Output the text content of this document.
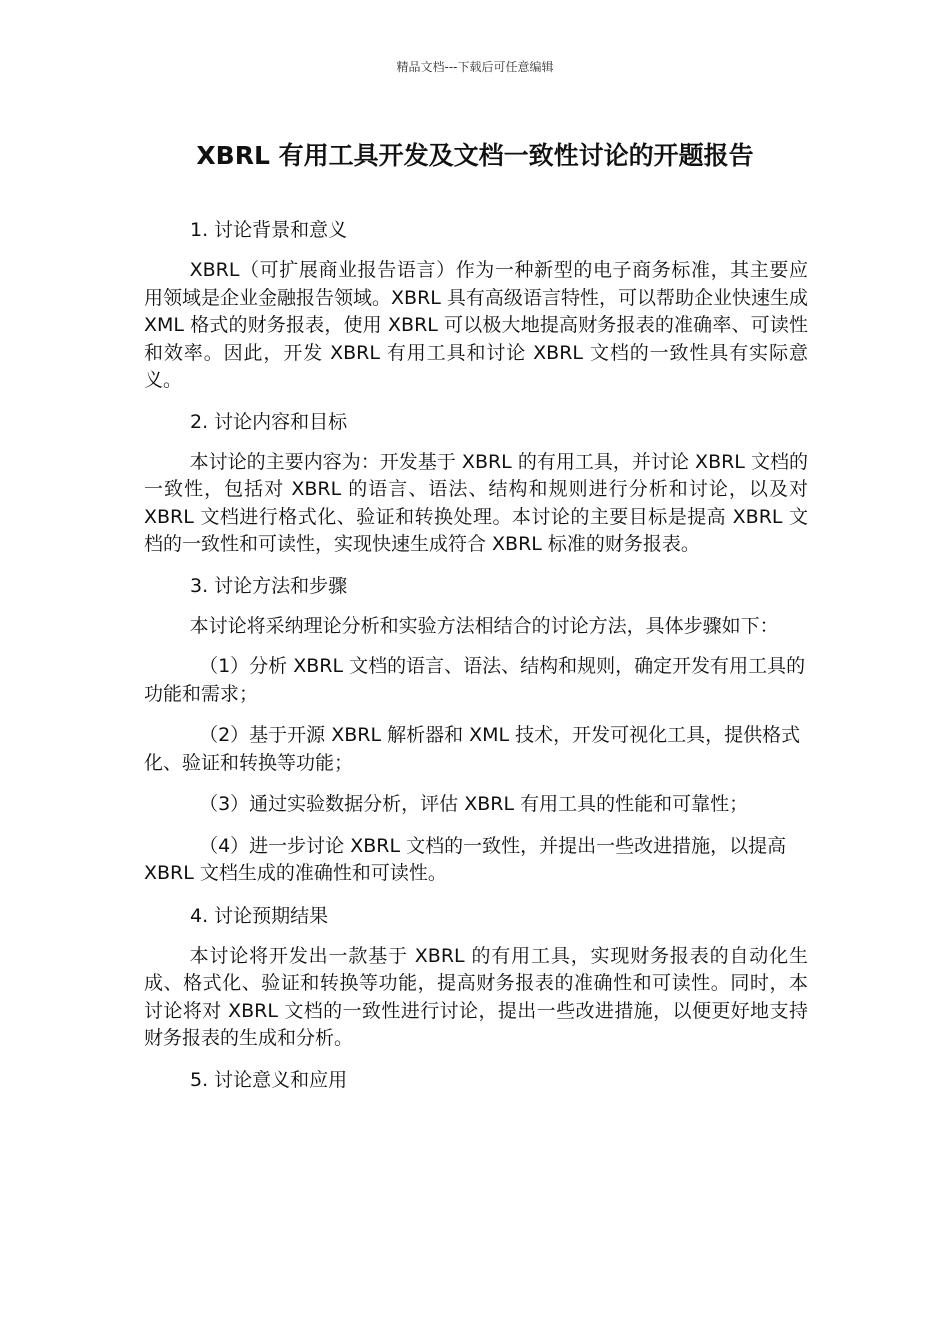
精品文档---下载后可任意编辑
XBRL 有用工具开发及文档一致性讨论的开题报告

1. 讨论背景和意义

XBRL（可扩展商业报告语言）作为一种新型的电子商务标准，其主要应用领域是企业金融报告领域。XBRL 具有高级语言特性，可以帮助企业快速生成 XML 格式的财务报表，使用 XBRL 可以极大地提高财务报表的准确率、可读性和效率。因此，开发 XBRL 有用工具和讨论 XBRL 文档的一致性具有实际意义。

2. 讨论内容和目标

本讨论的主要内容为：开发基于 XBRL 的有用工具，并讨论 XBRL 文档的一致性，包括对 XBRL 的语言、语法、结构和规则进行分析和讨论，以及对 XBRL 文档进行格式化、验证和转换处理。本讨论的主要目标是提高 XBRL 文档的一致性和可读性，实现快速生成符合 XBRL 标准的财务报表。

3. 讨论方法和步骤

本讨论将采纳理论分析和实验方法相结合的讨论方法，具体步骤如下：

（1）分析 XBRL 文档的语言、语法、结构和规则，确定开发有用工具的功能和需求；

（2）基于开源 XBRL 解析器和 XML 技术，开发可视化工具，提供格式化、验证和转换等功能；

（3）通过实验数据分析，评估 XBRL 有用工具的性能和可靠性；

（4）进一步讨论 XBRL 文档的一致性，并提出一些改进措施，以提高 XBRL 文档生成的准确性和可读性。

4. 讨论预期结果

本讨论将开发出一款基于 XBRL 的有用工具，实现财务报表的自动化生成、格式化、验证和转换等功能，提高财务报表的准确性和可读性。同时，本讨论将对 XBRL 文档的一致性进行讨论，提出一些改进措施，以便更好地支持财务报表的生成和分析。

5. 讨论意义和应用
